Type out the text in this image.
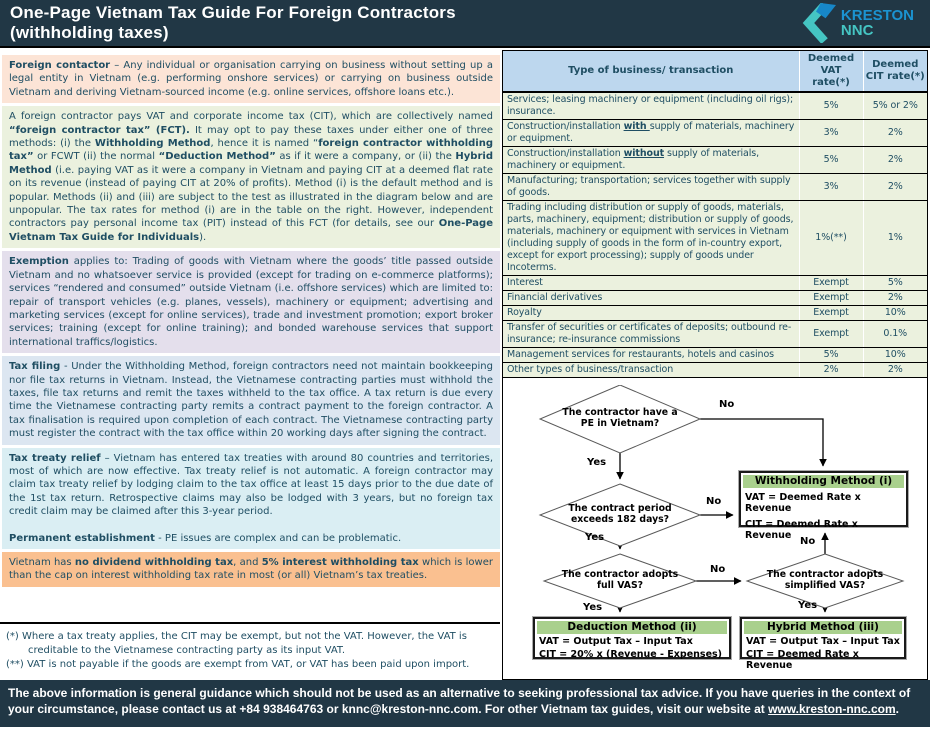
One-Page Vietnam Tax Guide For Foreign Contractors
(withholding taxes)
KRESTON
NNC

Foreign contactor – Any individual or organisation carrying on business without setting up a legal entity in Vietnam (e.g. performing onshore services) or carrying on business outside Vietnam and deriving Vietnam-sourced income (e.g. online services, offshore loans etc.).

A foreign contractor pays VAT and corporate income tax (CIT), which are collectively named “foreign contractor tax” (FCT). It may opt to pay these taxes under either one of three methods: (i) the Withholding Method, hence it is named “foreign contractor withholding tax” or FCWT (ii) the normal “Deduction Method” as if it were a company, or (ii) the Hybrid Method (i.e. paying VAT as it were a company in Vietnam and paying CIT at a deemed flat rate on its revenue (instead of paying CIT at 20% of profits). Method (i) is the default method and is popular. Methods (ii) and (iii) are subject to the test as illustrated in the diagram below and are unpopular. The tax rates for method (i) are in the table on the right. However, independent contractors pay personal income tax (PIT) instead of this FCT (for details, see our One-Page Vietnam Tax Guide for Individuals).

Exemption applies to: Trading of goods with Vietnam where the goods’ title passed outside Vietnam and no whatsoever service is provided (except for trading on e-commerce platforms); services “rendered and consumed” outside Vietnam (i.e. offshore services) which are limited to: repair of transport vehicles (e.g. planes, vessels), machinery or equipment; advertising and marketing services (except for online services), trade and investment promotion; export broker services; training (except for online training); and bonded warehouse services that support international traffics/logistics.

Tax filing - Under the Withholding Method, foreign contractors need not maintain bookkeeping nor file tax returns in Vietnam. Instead, the Vietnamese contracting parties must withhold the taxes, file tax returns and remit the taxes withheld to the tax office. A tax return is due every time the Vietnamese contracting party remits a contract payment to the foreign contractor. A tax finalisation is required upon completion of each contract. The Vietnamese contracting party must register the contract with the tax office within 20 working days after signing the contract.

Tax treaty relief – Vietnam has entered tax treaties with around 80 countries and territories, most of which are now effective. Tax treaty relief is not automatic. A foreign contractor may claim tax treaty relief by lodging claim to the tax office at least 15 days prior to the due date of the 1st tax return. Retrospective claims may also be lodged with 3 years, but no foreign tax credit claim may be claimed after this 3-year period.

Permanent establishment - PE issues are complex and can be problematic.

Vietnam has no dividend withholding tax, and 5% interest withholding tax which is lower than the cap on interest withholding tax rate in most (or all) Vietnam’s tax treaties.

(*) Where a tax treaty applies, the CIT may be exempt, but not the VAT. However, the VAT is creditable to the Vietnamese contracting party as its input VAT.
(**) VAT is not payable if the goods are exempt from VAT, or VAT has been paid upon import.
Type of business/ transaction	Deemed VAT rate(*)	Deemed CIT rate(*)
Services; leasing machinery or equipment (including oil rigs); insurance.	5%	5% or 2%
Construction/installation with supply of materials, machinery or equipment.	3%	2%
Construction/installation without supply of materials, machinery or equipment.	5%	2%
Manufacturing; transportation; services together with supply of goods.	3%	2%
Trading including distribution or supply of goods, materials, parts, machinery, equipment; distribution or supply of goods, materials, machinery or equipment with services in Vietnam (including supply of goods in the form of in-country export, except for export processing); supply of goods under Incoterms.	1%(**)	1%
Interest	Exempt	5%
Financial derivatives	Exempt	2%
Royalty	Exempt	10%
Transfer of securities or certificates of deposits; outbound re-insurance; re-insurance commissions	Exempt	0.1%
Management services for restaurants, hotels and casinos	5%	10%
Other types of business/transaction	2%	2%
The contractor have a PE in Vietnam?
The contract period exceeds 182 days?
The contractor adopts full VAS?
The contractor adopts simplified VAS?
No
Yes
No
Yes
No
No
Yes	Yes
Withholding Method (i)
VAT = Deemed Rate x Revenue
CIT = Deemed Rate x Revenue
Deduction Method (ii)
VAT = Output Tax – Input Tax
CIT = 20% x (Revenue - Expenses)
Hybrid Method (iii)
VAT = Output Tax – Input Tax
CIT = Deemed Rate x Revenue
The above information is general guidance which should not be used as an alternative to seeking professional tax advice. If you have queries in the context of your circumstance, please contact us at +84 938464763 or knnc@kreston-nnc.com. For other Vietnam tax guides, visit our website at www.kreston-nnc.com.
